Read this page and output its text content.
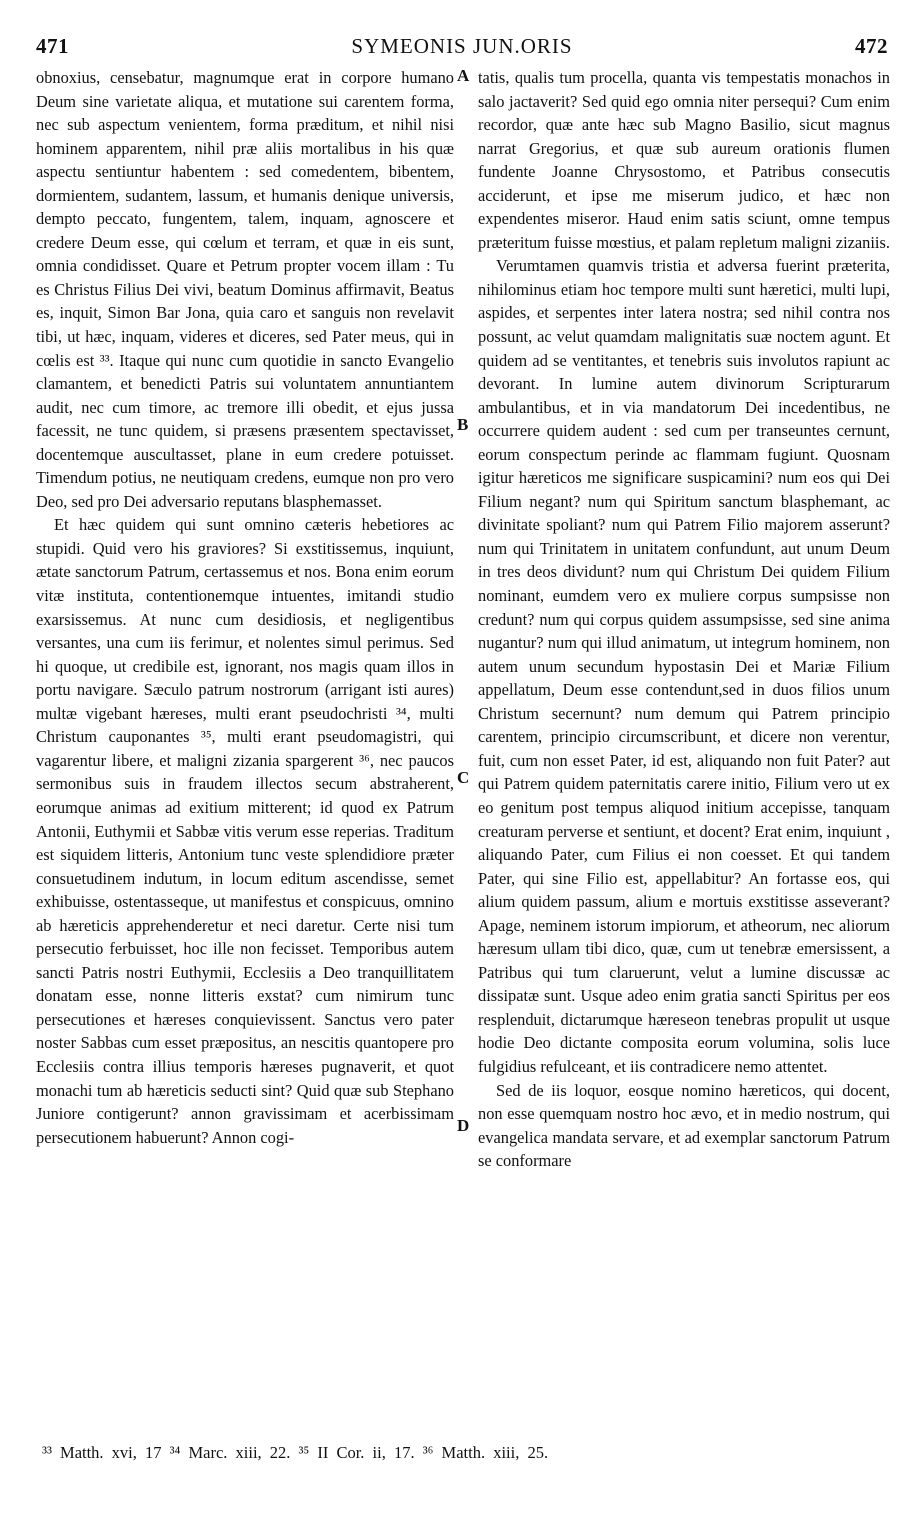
471	SYMEONIS JUN.ORIS	472

obnoxius, censebatur, magnumque erat in corpore humano Deum sine varietate aliqua, et mutatione sui carentem forma, nec sub aspectum venientem, forma præditum, et nihil nisi hominem apparentem, nihil præ aliis mortalibus in his quæ aspectu sentiuntur habentem : sed comedentem, bibentem, dormientem, sudantem, lassum, et humanis denique universis, dempto peccato, fungentem, talem, inquam, agnoscere et credere Deum esse, qui cœlum et terram, et quæ in eis sunt, omnia condidisset. Quare et Petrum propter vocem illam : Tu es Christus Filius Dei vivi, beatum Dominus affirmavit, Beatus es, inquit, Simon Bar Jona, quia caro et sanguis non revelavit tibi, ut hæc, inquam, videres et diceres, sed Pater meus, qui in cœlis est ³³. Itaque qui nunc cum quotidie in sancto Evangelio clamantem, et benedicti Patris sui voluntatem annuntiantem audit, nec cum timore, ac tremore illi obedit, et ejus jussa facessit, ne tunc quidem, si præsens præsentem spectavisset, docentemque auscultasset, plane in eum credere potuisset. Timendum potius, ne neutiquam credens, eumque non pro vero Deo, sed pro Dei adversario reputans blasphemasset.

Et hæc quidem qui sunt omnino cæteris hebetiores ac stupidi. Quid vero his graviores? Si exstitissemus, inquiunt, ætate sanctorum Patrum, certassemus et nos. Bona enim eorum vitæ instituta, contentionemque intuentes, imitandi studio exarsissemus. At nunc cum desidiosis, et negligentibus versantes, una cum iis ferimur, et nolentes simul perimus. Sed hi quoque, ut credibile est, ignorant, nos magis quam illos in portu navigare. Sæculo patrum nostrorum (arrigant isti aures) multæ vigebant hæreses, multi erant pseudochristi ³⁴, multi Christum cauponantes ³⁵, multi erant pseudomagistri, qui vagarentur libere, et maligni zizania spargerent ³⁶, nec paucos sermonibus suis in fraudem illectos secum abstraherent, eorumque animas ad exitium mitterent; id quod ex Patrum Antonii, Euthymii et Sabbæ vitis verum esse reperias. Traditum est siquidem litteris, Antonium tunc veste splendidiore præter consuetudinem indutum, in locum editum ascendisse, semet exhibuisse, ostentasseque, ut manifestus et conspicuus, omnino ab hæreticis apprehenderetur et neci daretur. Certe nisi tum persecutio ferbuisset, hoc ille non fecisset. Temporibus autem sancti Patris nostri Euthymii, Ecclesiis a Deo tranquillitatem donatam esse, nonne litteris exstat? cum nimirum tunc persecutiones et hæreses conquievissent. Sanctus vero pater noster Sabbas cum esset præpositus, an nescitis quantopere pro Ecclesiis contra illius temporis hæreses pugnaverit, et quot monachi tum ab hæreticis seducti sint? Quid quæ sub Stephano Juniore contigerunt? annon gravissimam et acerbissimam persecutionem habuerunt? Annon cogi-

A
B
C
D

tatis, qualis tum procella, quanta vis tempestatis monachos in salo jactaverit? Sed quid ego omnia niter persequi? Cum enim recordor, quæ ante hæc sub Magno Basilio, sicut magnus narrat Gregorius, et quæ sub aureum orationis flumen fundente Joanne Chrysostomo, et Patribus consecutis acciderunt, et ipse me miserum judico, et hæc non expendentes miseror. Haud enim satis sciunt, omne tempus præteritum fuisse mœstius, et palam repletum maligni zizaniis.

Verumtamen quamvis tristia et adversa fuerint præterita, nihilominus etiam hoc tempore multi sunt hæretici, multi lupi, aspides, et serpentes inter latera nostra; sed nihil contra nos possunt, ac velut quamdam malignitatis suæ noctem agunt. Et quidem ad se ventitantes, et tenebris suis involutos rapiunt ac devorant. In lumine autem divinorum Scripturarum ambulantibus, et in via mandatorum Dei incedentibus, ne occurrere quidem audent : sed cum per transeuntes cernunt, eorum conspectum perinde ac flammam fugiunt. Quosnam igitur hæreticos me significare suspicamini? num eos qui Dei Filium negant? num qui Spiritum sanctum blasphemant, ac divinitate spoliant? num qui Patrem Filio majorem asserunt? num qui Trinitatem in unitatem confundunt, aut unum Deum in tres deos dividunt? num qui Christum Dei quidem Filium nominant, eumdem vero ex muliere corpus sumpsisse non credunt? num qui corpus quidem assumpsisse, sed sine anima nugantur? num qui illud animatum, ut integrum hominem, non autem unum secundum hypostasin Dei et Mariæ Filium appellatum, Deum esse contendunt,sed in duos filios unum Christum secernunt? num demum qui Patrem principio carentem, principio circumscribunt, et dicere non verentur, fuit, cum non esset Pater, id est, aliquando non fuit Pater? aut qui Patrem quidem paternitatis carere initio, Filium vero ut ex eo genitum post tempus aliquod initium accepisse, tanquam creaturam perverse et sentiunt, et docent? Erat enim, inquiunt , aliquando Pater, cum Filius ei non coesset. Et qui tandem Pater, qui sine Filio est, appellabitur? An fortasse eos, qui alium quidem passum, alium e mortuis exstitisse asseverant? Apage, neminem istorum impiorum, et atheorum, nec aliorum hæresum ullam tibi dico, quæ, cum ut tenebræ emersissent, a Patribus qui tum claruerunt, velut a lumine discussæ ac dissipatæ sunt. Usque adeo enim gratia sancti Spiritus per eos resplenduit, dictarumque hæreseon tenebras propulit ut usque hodie Deo dictante composita eorum volumina, solis luce fulgidius refulceant, et iis contradicere nemo attentet.

Sed de iis loquor, eosque nomino hæreticos, qui docent, non esse quemquam nostro hoc ævo, et in medio nostrum, qui evangelica mandata servare, et ad exemplar sanctorum Patrum se conformare

³³ Matth. xvi, 17 ³⁴ Marc. xiii, 22. ³⁵ II Cor. ii, 17. ³⁶ Matth. xiii, 25.
